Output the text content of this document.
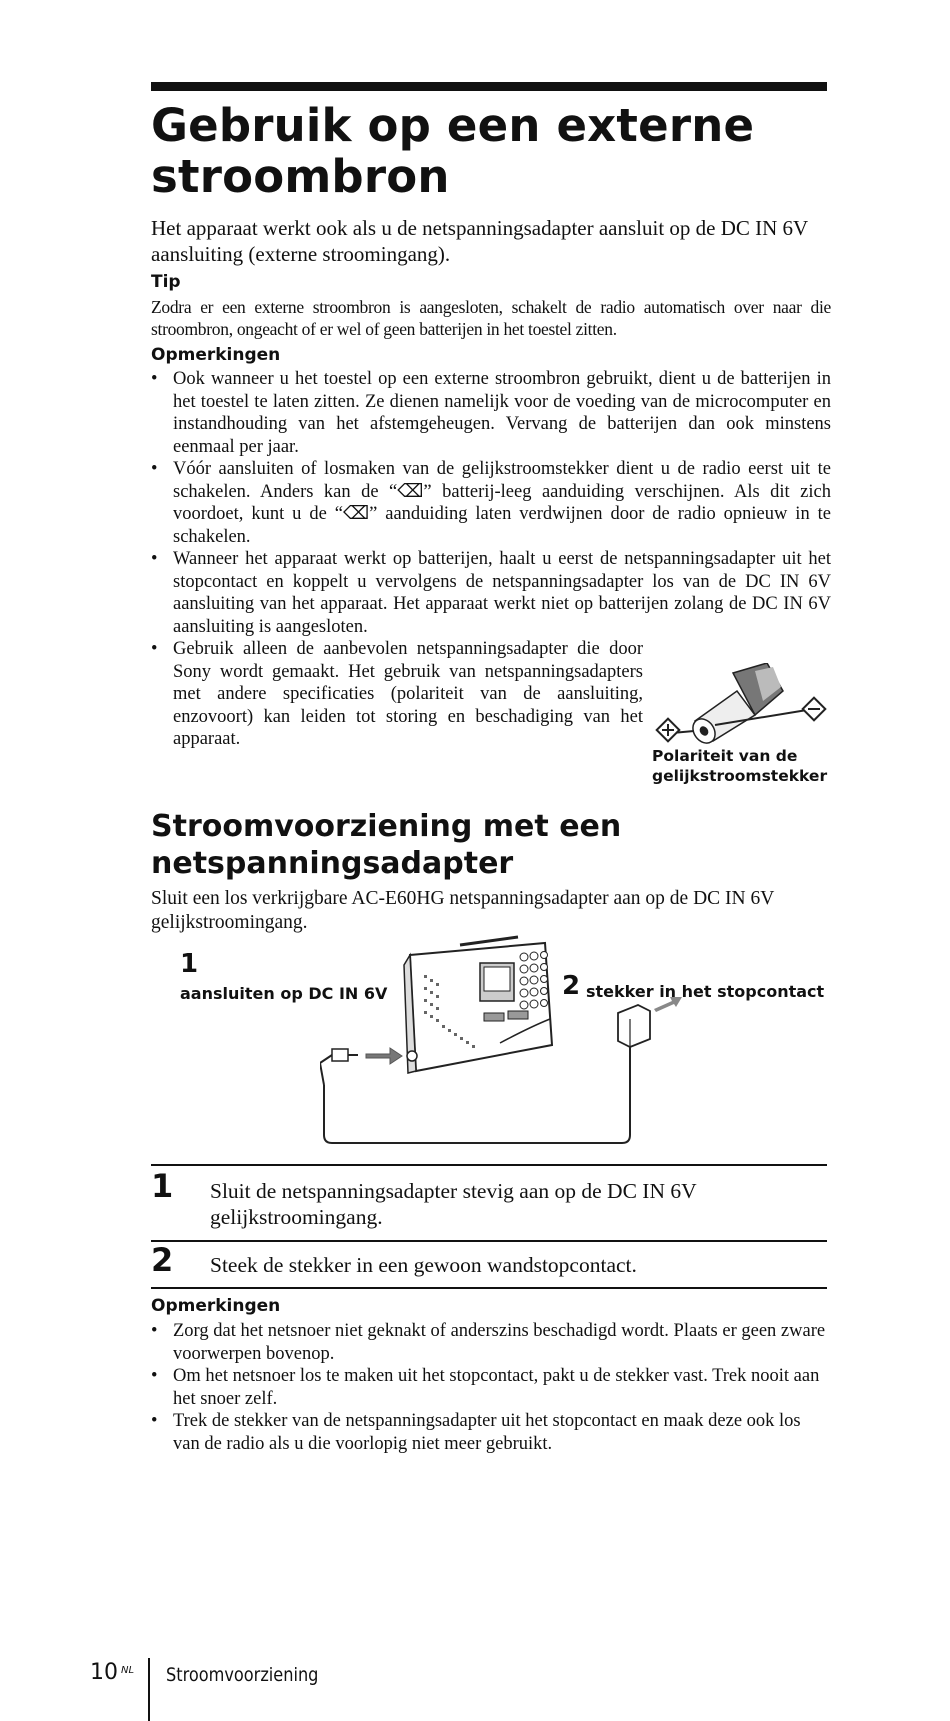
Gebruik op een externe stroombron

Het apparaat werkt ook als u de netspanningsadapter aansluit op de DC IN 6V aansluiting (externe stroomingang).

Tip

Zodra er een externe stroombron is aangesloten, schakelt de radio automatisch over naar die stroombron, ongeacht of er wel of geen batterijen in het toestel zitten.

Opmerkingen

• Ook wanneer u het toestel op een externe stroombron gebruikt, dient u de batterijen in het toestel te laten zitten. Ze dienen namelijk voor de voeding van de microcomputer en instandhouding van het afstemgeheugen. Vervang de batterijen dan ook minstens eenmaal per jaar.
• Vóór aansluiten of losmaken van de gelijkstroomstekker dient u de radio eerst uit te schakelen. Anders kan de “⌫” batterij-leeg aanduiding verschijnen. Als dit zich voordoet, kunt u de “⌫” aanduiding laten verdwijnen door de radio opnieuw in te schakelen.
• Wanneer het apparaat werkt op batterijen, haalt u eerst de netspanningsadapter uit het stopcontact en koppelt u vervolgens de netspanningsadapter los van de DC IN 6V aansluiting van het apparaat. Het apparaat werkt niet op batterijen zolang de DC IN 6V aansluiting is aangesloten.
• Gebruik alleen de aanbevolen netspanningsadapter die door Sony wordt gemaakt. Het gebruik van netspanningsadapters met andere specificaties (polariteit van de aansluiting, enzovoort) kan leiden tot storing en beschadiging van het apparaat.

Polariteit van de gelijkstroomstekker

Stroomvoorziening met een netspanningsadapter

Sluit een los verkrijgbare AC-E60HG netspanningsadapter aan op de DC IN 6V gelijkstroomingang.

1
aansluiten op DC IN 6V	2 stekker in het stopcontact
1 Sluit de netspanningsadapter stevig aan op de DC IN 6V gelijkstroomingang.
2 Steek de stekker in een gewoon wandstopcontact.

Opmerkingen

• Zorg dat het netsnoer niet geknakt of anderszins beschadigd wordt. Plaats er geen zware voorwerpen bovenop.
• Om het netsnoer los te maken uit het stopcontact, pakt u de stekker vast. Trek nooit aan het snoer zelf.
• Trek de stekker van de netspanningsadapter uit het stopcontact en maak deze ook los van de radio als u die voorlopig niet meer gebruikt.
10 $^{NL}$ Stroomvoorziening
